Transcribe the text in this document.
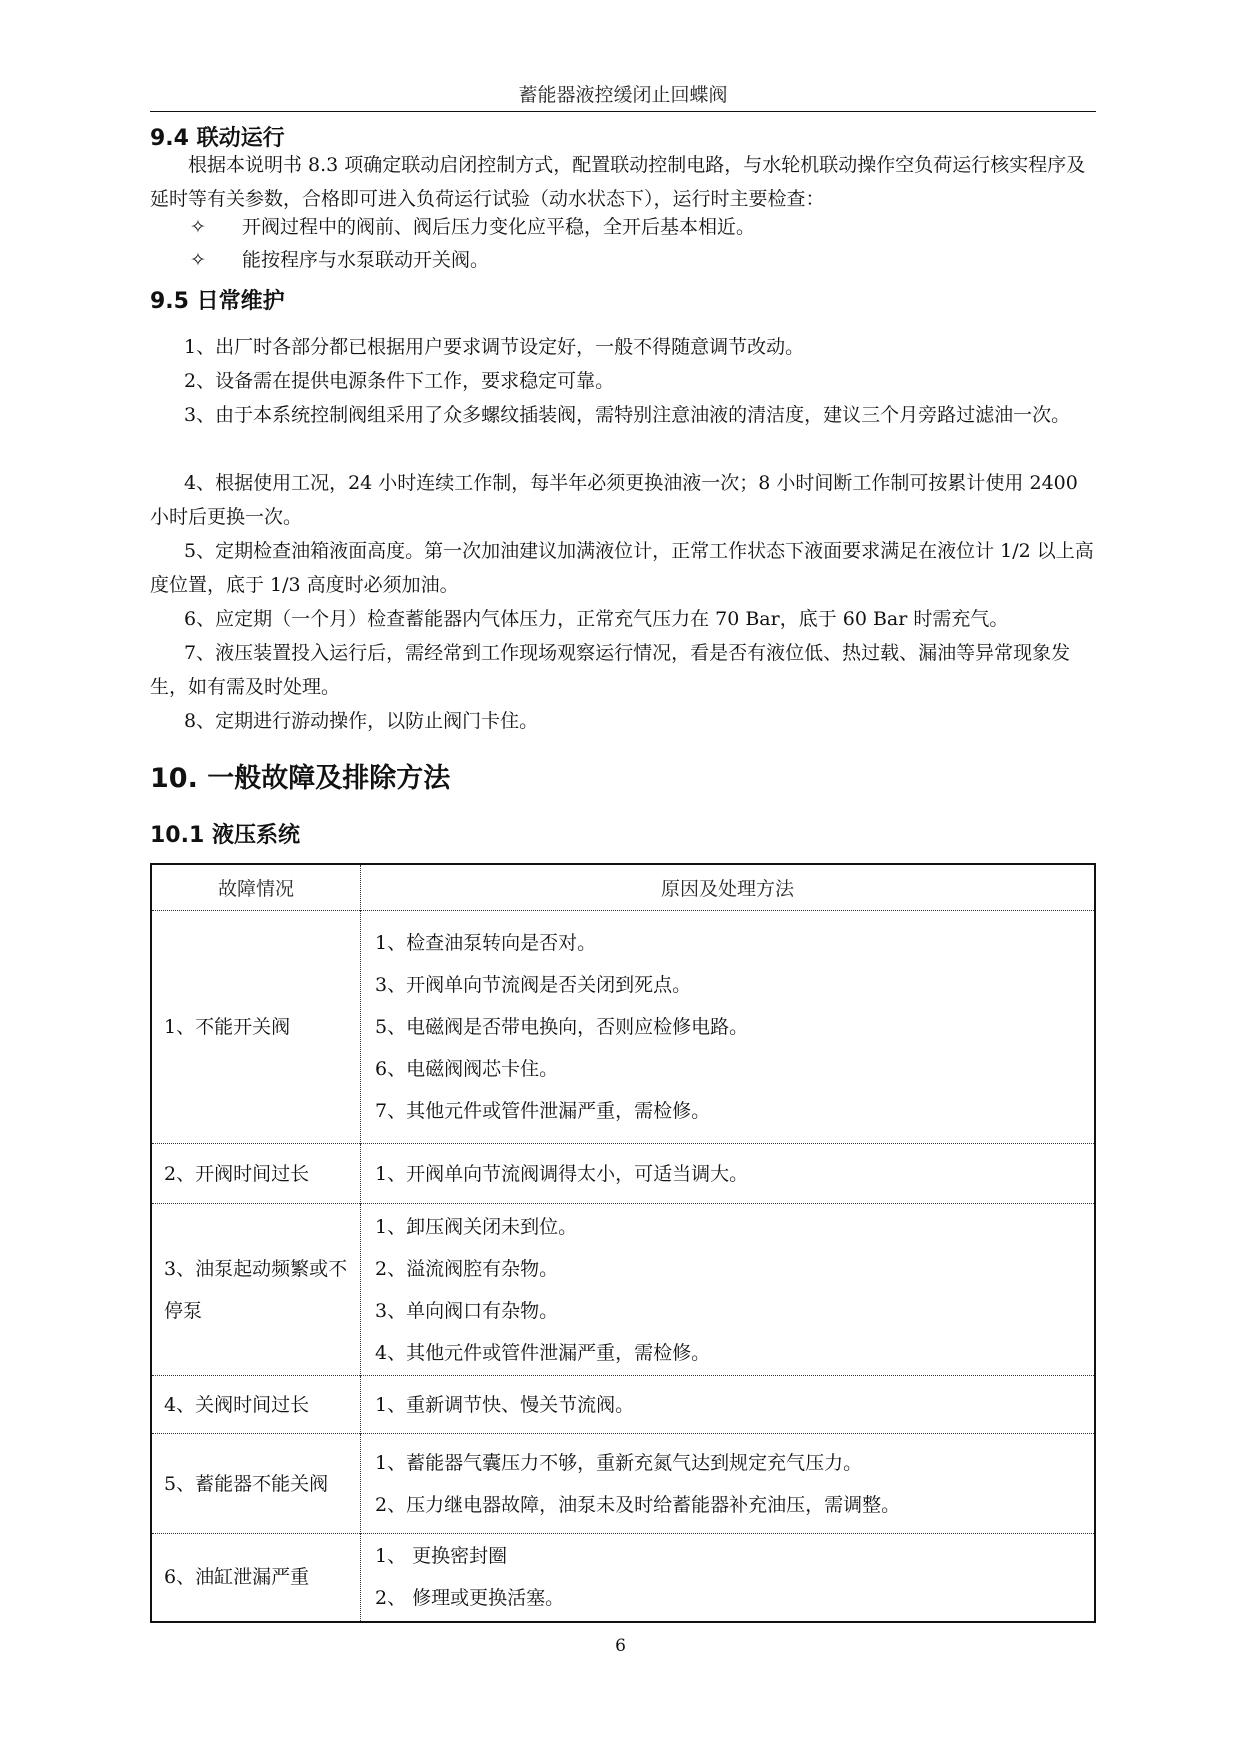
蓄能器液控缓闭止回蝶阀
9.4 联动运行
根据本说明书 8.3 项确定联动启闭控制方式，配置联动控制电路，与水轮机联动操作空负荷运行核实程序及延时等有关参数，合格即可进入负荷运行试验（动水状态下），运行时主要检查：
✧ 开阀过程中的阀前、阀后压力变化应平稳，全开后基本相近。
✧ 能按程序与水泵联动开关阀。
9.5 日常维护
1、出厂时各部分都已根据用户要求调节设定好，一般不得随意调节改动。
2、设备需在提供电源条件下工作，要求稳定可靠。
3、由于本系统控制阀组采用了众多螺纹插装阀，需特别注意油液的清洁度，建议三个月旁路过滤油一次。
4、根据使用工况，24 小时连续工作制，每半年必须更换油液一次；8 小时间断工作制可按累计使用 2400 小时后更换一次。
5、定期检查油箱液面高度。第一次加油建议加满液位计，正常工作状态下液面要求满足在液位计 1/2 以上高度位置，底于 1/3 高度时必须加油。
6、应定期（一个月）检查蓄能器内气体压力，正常充气压力在 70 Bar，底于 60 Bar 时需充气。
7、液压装置投入运行后，需经常到工作现场观察运行情况，看是否有液位低、热过载、漏油等异常现象发生，如有需及时处理。
8、定期进行游动操作，以防止阀门卡住。
10. 一般故障及排除方法
10.1 液压系统
故障情况	原因及处理方法
1、不能开关阀	1、检查油泵转向是否对。
3、开阀单向节流阀是否关闭到死点。
5、电磁阀是否带电换向，否则应检修电路。
6、电磁阀阀芯卡住。
7、其他元件或管件泄漏严重，需检修。

2、开阀时间过长	1、开阀单向节流阀调得太小，可适当调大。

3、油泵起动频繁或不停泵	1、卸压阀关闭未到位。
2、溢流阀腔有杂物。
3、单向阀口有杂物。
4、其他元件或管件泄漏严重，需检修。

4、关阀时间过长	1、重新调节快、慢关节流阀。

5、蓄能器不能关阀	1、蓄能器气囊压力不够，重新充氮气达到规定充气压力。
2、压力继电器故障，油泵未及时给蓄能器补充油压，需调整。

6、油缸泄漏严重	1、 更换密封圈
2、 修理或更换活塞。
6
